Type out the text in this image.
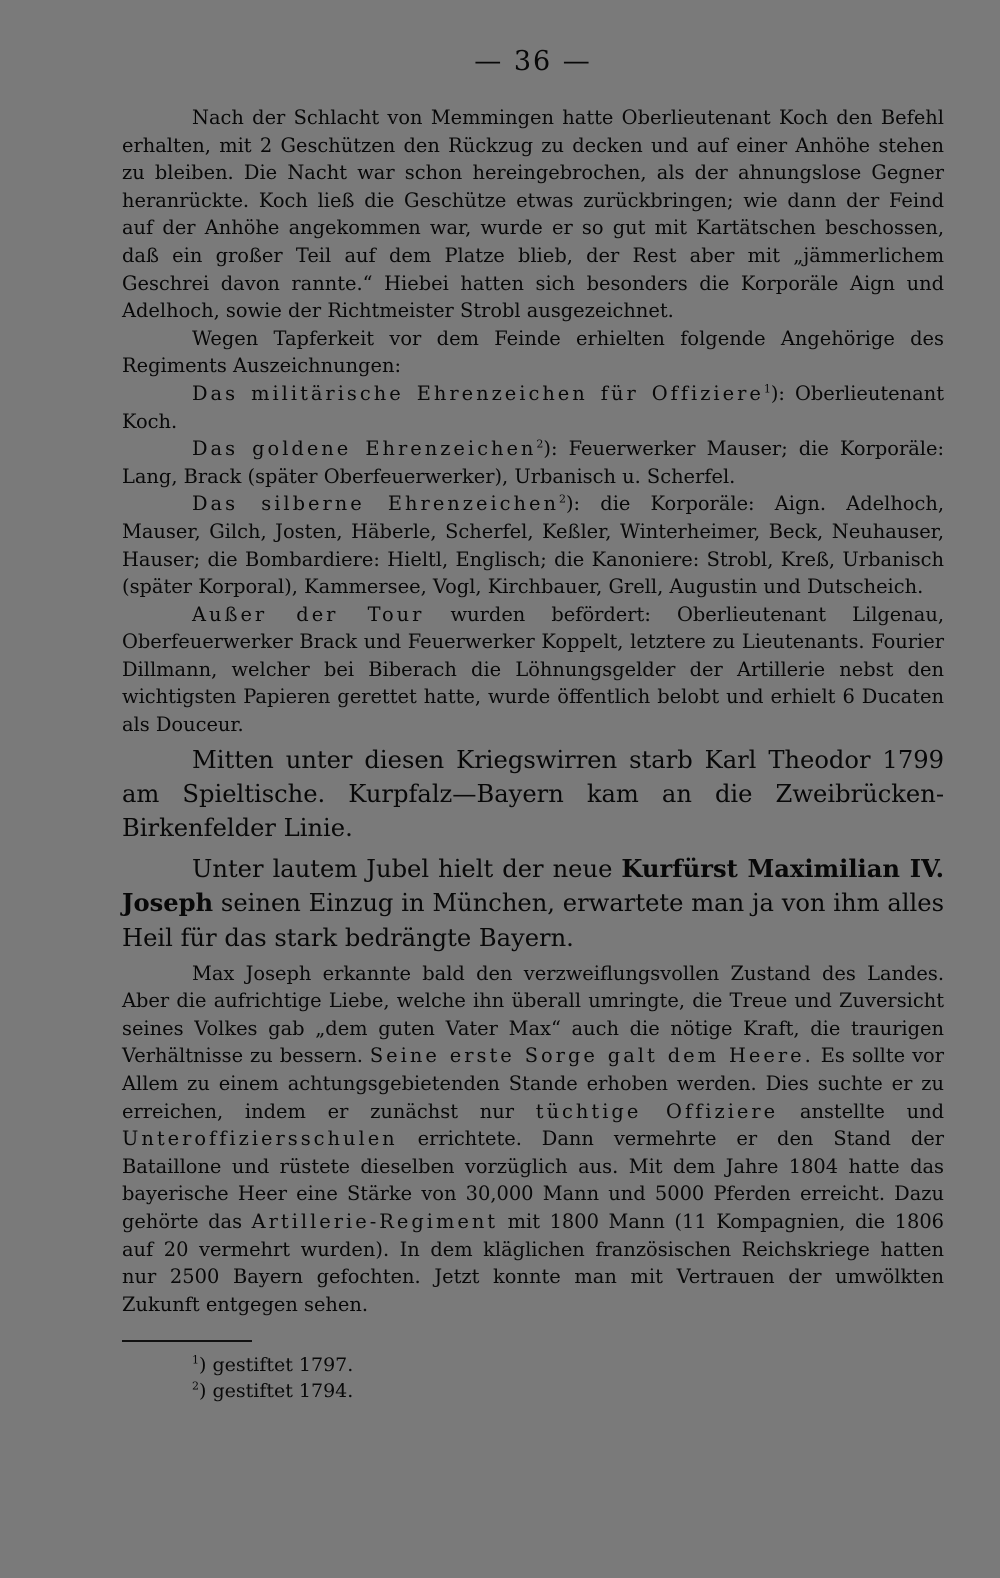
— 36 —

Nach der Schlacht von Memmingen hatte Oberlieutenant Koch den Befehl erhalten, mit 2 Geschützen den Rückzug zu decken und auf einer Anhöhe stehen zu bleiben. Die Nacht war schon hereingebrochen, als der ahnungslose Gegner heranrückte. Koch ließ die Geschütze etwas zurückbringen; wie dann der Feind auf der Anhöhe angekommen war, wurde er so gut mit Kartätschen beschossen, daß ein großer Teil auf dem Platze blieb, der Rest aber mit „jämmerlichem Geschrei davon rannte.“ Hiebei hatten sich besonders die Korporäle Aign und Adelhoch, sowie der Richtmeister Strobl ausgezeichnet.

Wegen Tapferkeit vor dem Feinde erhielten folgende Angehörige des Regiments Auszeichnungen:

Das militärische Ehrenzeichen für Offiziere$^1$): Oberlieutenant Koch.

Das goldene Ehrenzeichen$^2$): Feuerwerker Mauser; die Korporäle: Lang, Brack (später Oberfeuerwerker), Urbanisch u. Scherfel.

Das silberne Ehrenzeichen$^2$): die Korporäle: Aign. Adelhoch, Mauser, Gilch, Josten, Häberle, Scherfel, Keßler, Winterheimer, Beck, Neuhauser, Hauser; die Bombardiere: Hieltl, Englisch; die Kanoniere: Strobl, Kreß, Urbanisch (später Korporal), Kammersee, Vogl, Kirchbauer, Grell, Augustin und Dutscheich.

Außer der Tour wurden befördert: Oberlieutenant Lilgenau, Oberfeuerwerker Brack und Feuerwerker Koppelt, letztere zu Lieutenants. Fourier Dillmann, welcher bei Biberach die Löhnungsgelder der Artillerie nebst den wichtigsten Papieren gerettet hatte, wurde öffentlich belobt und erhielt 6 Ducaten als Douceur.

Mitten unter diesen Kriegswirren starb Karl Theodor 1799 am Spieltische. Kurpfalz—Bayern kam an die Zweibrücken-Birkenfelder Linie.

Unter lautem Jubel hielt der neue Kurfürst Maximilian IV. Joseph seinen Einzug in München, erwartete man ja von ihm alles Heil für das stark bedrängte Bayern.

Max Joseph erkannte bald den verzweiflungsvollen Zustand des Landes. Aber die aufrichtige Liebe, welche ihn überall umringte, die Treue und Zuversicht seines Volkes gab „dem guten Vater Max“ auch die nötige Kraft, die traurigen Verhältnisse zu bessern. Seine erste Sorge galt dem Heere. Es sollte vor Allem zu einem achtungsgebietenden Stande erhoben werden. Dies suchte er zu erreichen, indem er zunächst nur tüchtige Offiziere anstellte und Unteroffiziersschulen errichtete. Dann vermehrte er den Stand der Bataillone und rüstete dieselben vorzüglich aus. Mit dem Jahre 1804 hatte das bayerische Heer eine Stärke von 30,000 Mann und 5000 Pferden erreicht. Dazu gehörte das Artillerie-Regiment mit 1800 Mann (11 Kompagnien, die 1806 auf 20 vermehrt wurden). In dem kläglichen französischen Reichskriege hatten nur 2500 Bayern gefochten. Jetzt konnte man mit Vertrauen der umwölkten Zukunft entgegen sehen.

$^1$) gestiftet 1797.

$^2$) gestiftet 1794.
